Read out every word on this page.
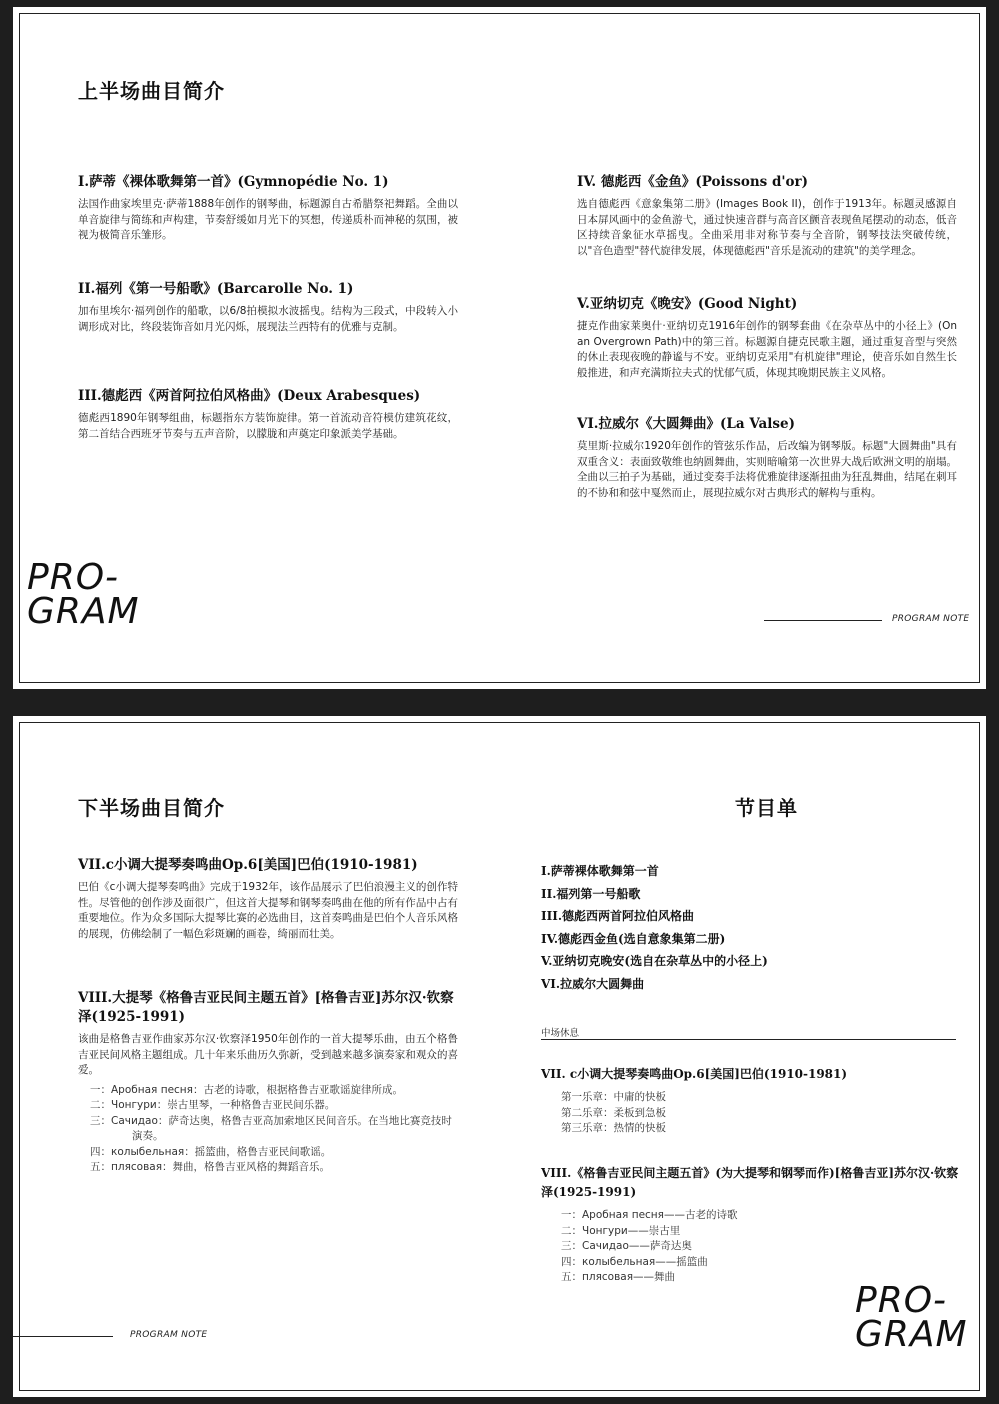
上半场曲目简介
I.萨蒂《裸体歌舞第一首》(Gymnopédie No. 1)

法国作曲家埃里克·萨蒂1888年创作的钢琴曲，标题源自古希腊祭祀舞蹈。全曲以单音旋律与简练和声构建，节奏舒缓如月光下的冥想，传递质朴而神秘的氛围，被视为极简音乐雏形。

II.福列《第一号船歌》(Barcarolle No. 1)

加布里埃尔·福列创作的船歌，以6/8拍模拟水波摇曳。结构为三段式，中段转入小调形成对比，终段装饰音如月光闪烁，展现法兰西特有的优雅与克制。

III.德彪西《两首阿拉伯风格曲》(Deux Arabesques)

德彪西1890年钢琴组曲，标题指东方装饰旋律。第一首流动音符模仿建筑花纹，第二首结合西班牙节奏与五声音阶，以朦胧和声奠定印象派美学基础。

IV. 德彪西《金鱼》(Poissons d'or)

选自德彪西《意象集第二册》(Images Book II)，创作于1913年。标题灵感源自日本屏风画中的金鱼游弋，通过快速音群与高音区颤音表现鱼尾摆动的动态，低音区持续音象征水草摇曳。全曲采用非对称节奏与全音阶，钢琴技法突破传统，以"音色造型"替代旋律发展，体现德彪西"音乐是流动的建筑"的美学理念。

V.亚纳切克《晚安》(Good Night)

捷克作曲家莱奥什·亚纳切克1916年创作的钢琴套曲《在杂草丛中的小径上》(On an Overgrown Path)中的第三首。标题源自捷克民歌主题，通过重复音型与突然的休止表现夜晚的静谧与不安。亚纳切克采用"有机旋律"理论，使音乐如自然生长般推进，和声充满斯拉夫式的忧郁气质，体现其晚期民族主义风格。

VI.拉威尔《大圆舞曲》(La Valse)

莫里斯·拉威尔1920年创作的管弦乐作品，后改编为钢琴版。标题"大圆舞曲"具有双重含义：表面致敬维也纳圆舞曲，实则暗喻第一次世界大战后欧洲文明的崩塌。全曲以三拍子为基础，通过变奏手法将优雅旋律逐渐扭曲为狂乱舞曲，结尾在刺耳的不协和和弦中戛然而止，展现拉威尔对古典形式的解构与重构。

PRO-
GRAM	PROGRAM NOTE
下半场曲目简介	节目单
VII.c小调大提琴奏鸣曲Op.6[美国]巴伯(1910-1981)

巴伯《c小调大提琴奏鸣曲》完成于1932年，该作品展示了巴伯浪漫主义的创作特性。尽管他的创作涉及面很广，但这首大提琴和钢琴奏鸣曲在他的所有作品中占有重要地位。作为众多国际大提琴比赛的必选曲目，这首奏鸣曲是巴伯个人音乐风格的展现，仿佛绘制了一幅色彩斑斓的画卷，绮丽而壮美。

VIII.大提琴《格鲁吉亚民间主题五首》[格鲁吉亚]苏尔汉·钦察泽(1925-1991)

该曲是格鲁吉亚作曲家苏尔汉·钦察泽1950年创作的一首大提琴乐曲，由五个格鲁吉亚民间风格主题组成。几十年来乐曲历久弥新，受到越来越多演奏家和观众的喜爱。

一：Аробная песня：古老的诗歌，根据格鲁吉亚歌谣旋律所成。
二：Чонгури：崇古里琴，一种格鲁吉亚民间乐器。
三：Сачидао：萨奇达奥，格鲁吉亚高加索地区民间音乐。在当地比赛竞技时演奏。
四：колыбельная：摇篮曲，格鲁吉亚民间歌谣。
五：плясовая：舞曲，格鲁吉亚风格的舞蹈音乐。
I.萨蒂裸体歌舞第一首
II.福列第一号船歌
III.德彪西两首阿拉伯风格曲
IV.德彪西金鱼(选自意象集第二册)
V.亚纳切克晚安(选自在杂草丛中的小径上)
VI.拉威尔大圆舞曲
中场休息
VII. c小调大提琴奏鸣曲Op.6[美国]巴伯(1910-1981)
第一乐章：中庸的快板
第二乐章：柔板到急板
第三乐章：热情的快板
VIII.《格鲁吉亚民间主题五首》(为大提琴和钢琴而作)[格鲁吉亚]苏尔汉·钦察泽(1925-1991)
一：Аробная песня——古老的诗歌
二：Чонгури——崇古里
三：Сачидао——萨奇达奥
四：колыбельная——摇篮曲
五：плясовая——舞曲
PRO-
GRAM
PROGRAM NOTE
